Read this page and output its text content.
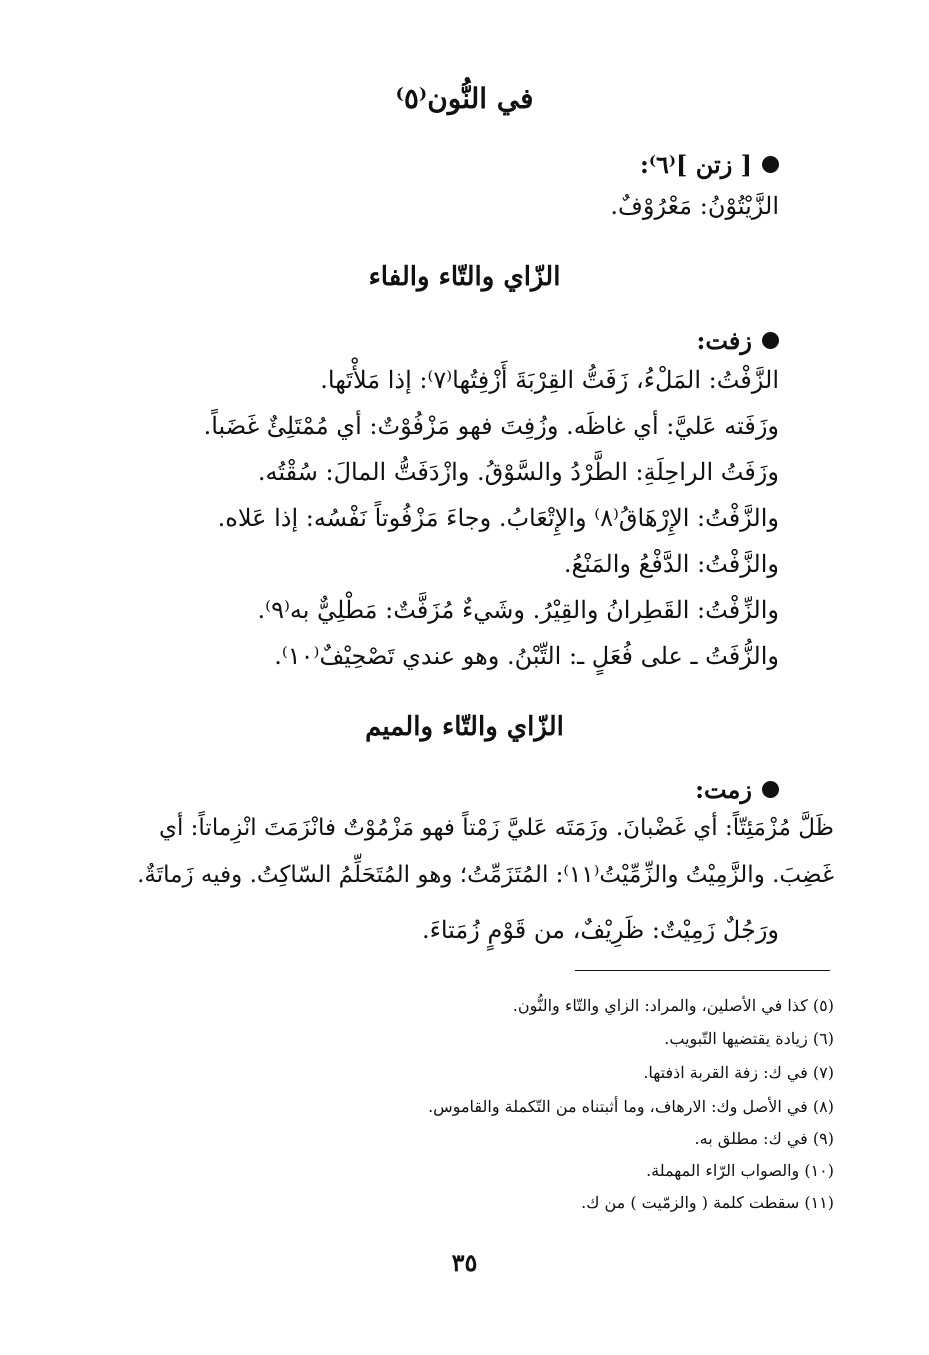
في النُّون⁽٥⁾
[ زتن ]⁽٦⁾:
الزَّيْتُوْنُ: مَعْرُوْفٌ.
الزّاي والتّاء والفاء
زفت:
الزَّفْتُ: المَلْءُ، زَفَتُّ القِرْبَةَ أَزْفِتُها⁽٧⁾: إذا مَلأْتَها.
وزَفَته عَليَّ: أي غاظَه. وزُفِتَ فهو مَزْفُوْتٌ: أي مُمْتَلِئٌ غَضَباً.
وزَفَتُ الراحِلَةِ: الطَّرْدُ والسَّوْقُ. وازْدَفَتُّ المالَ: سُقْتُه.
والزَّفْتُ: الإِرْهَاقُ⁽٨⁾ والإِتْعَابُ. وجاءَ مَزْفُوتاً نَفْسُه: إذا عَلاه.
والزَّفْتُ: الدَّفْعُ والمَنْعُ.
والزِّفْتُ: القَطِرانُ والقِيْرُ. وشَيءٌ مُزَفَّتٌ: مَطْلِيٌّ به⁽٩⁾.
والزُّفَتُ ـ على فُعَلٍ ـ: التِّبْنُ. وهو عندي تَصْحِيْفٌ⁽١٠⁾.
الزّاي والتّاء والميم
زمت:
ظَلَّ مُزْمَئِتّاً: أي غَضْبانَ. وزَمَتَه عَليَّ زَمْتاً فهو مَزْمُوْتٌ فانْزَمَتَ انْزِماتاً: أي
غَضِبَ. والزَّمِيْتُ والزِّمِّيْتُ⁽١١⁾: المُتَزَمِّتُ؛ وهو المُتَحَلِّمُ السّاكِتُ. وفيه زَماتَةٌ.
ورَجُلٌ زَمِيْتٌ: ظَرِيْفٌ، من قَوْمٍ زُمَتاءَ.
(٥) كذا في الأصلين، والمراد: الزاي والتّاء والنُّون.
(٦) زيادة يقتضيها التّبويب.
(٧) في ك: زفة القربة اذفتها.
(٨) في الأصل وك: الارهاف، وما أثبتناه من التّكملة والقاموس.
(٩) في ك: مطلق به.
(١٠) والصواب الرّاء المهملة.
(١١) سقطت كلمة ( والزمّيت ) من ك.
٣٥
